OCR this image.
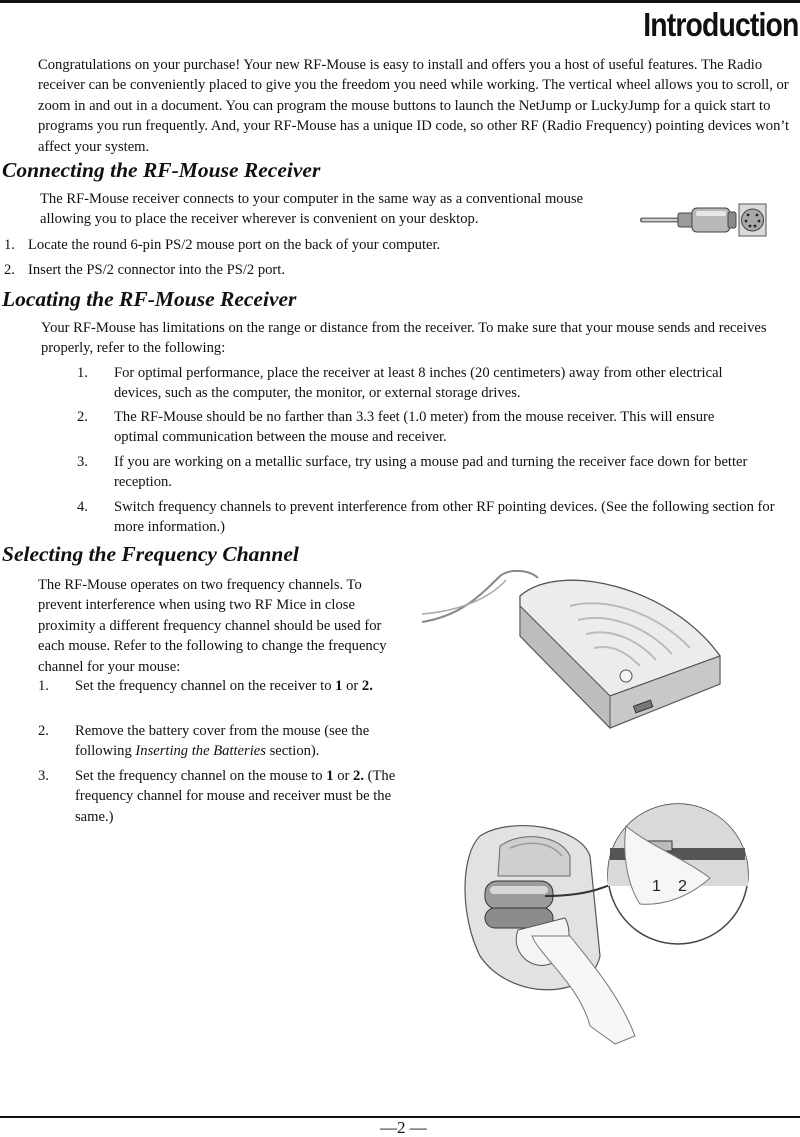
Introduction

Congratulations on your purchase! Your new RF-Mouse is easy to install and offers you a host of useful features. The Radio receiver can be conveniently placed to give you the freedom you need while working. The vertical wheel allows you to scroll, or zoom in and out in a document. You can program the mouse buttons to launch the NetJump or LuckyJump for a quick start to programs you run frequently. And, your RF-Mouse has a unique ID code, so other RF (Radio Frequency) pointing devices won’t affect your system.

Connecting the RF-Mouse Receiver

The RF-Mouse receiver connects to your computer in the same way as a conventional mouse allowing you to place the receiver wherever is convenient on your desktop.

1. Locate the round 6-pin PS/2 mouse port on the back of your computer.
2. Insert the PS/2 connector into the PS/2 port.
Locating the RF-Mouse Receiver

Your RF-Mouse has limitations on the range or distance from the receiver. To make sure that your mouse sends and receives properly, refer to the following:

1. For optimal performance, place the receiver at least 8 inches (20 centimeters) away from other electrical devices, such as the computer, the monitor, or external storage drives.
2. The RF-Mouse should be no farther than 3.3 feet (1.0 meter) from the mouse receiver. This will ensure optimal communication between the mouse and receiver.
3. If you are working on a metallic surface, try using a mouse pad and turning the receiver face down for better reception.
4. Switch frequency channels to prevent interference from other RF pointing devices. (See the following section for more information.)
Selecting the Frequency Channel

The RF-Mouse operates on two frequency channels. To prevent interference when using two RF Mice in close proximity a different frequency channel should be used for each mouse. Refer to the following to change the frequency channel for your mouse:

1. Set the frequency channel on the receiver to 1 or 2.
2. Remove the battery cover from the mouse (see the following Inserting the Batteries section).
3. Set the frequency channel on the mouse to 1 or 2. (The frequency channel for mouse and receiver must be the same.)
1 2
—2 —
